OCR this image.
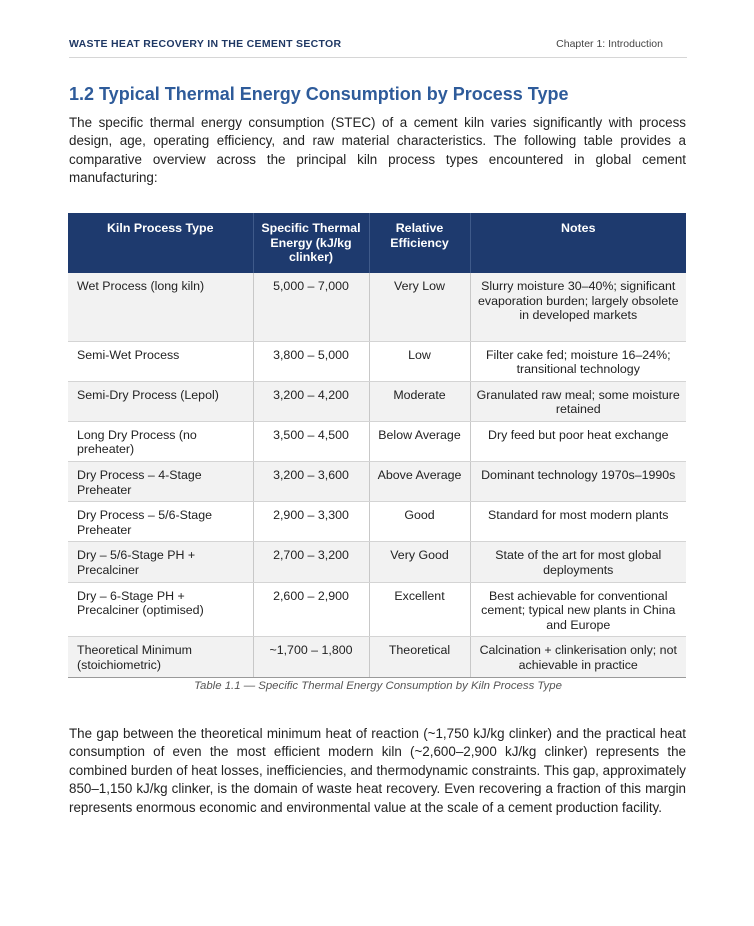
WASTE HEAT RECOVERY IN THE CEMENT SECTOR	Chapter 1: Introduction
1.2 Typical Thermal Energy Consumption by Process Type

The specific thermal energy consumption (STEC) of a cement kiln varies significantly with process design, age, operating efficiency, and raw material characteristics. The following table provides a comparative overview across the principal kiln process types encountered in global cement manufacturing:

Kiln Process Type	Specific Thermal Energy (kJ/kg clinker)	Relative Efficiency	Notes
Wet Process (long kiln)	5,000 – 7,000	Very Low	Slurry moisture 30–40%; significant evaporation burden; largely obsolete in developed markets
Semi-Wet Process	3,800 – 5,000	Low	Filter cake fed; moisture 16–24%; transitional technology
Semi-Dry Process (Lepol)	3,200 – 4,200	Moderate	Granulated raw meal; some moisture retained
Long Dry Process (no preheater)	3,500 – 4,500	Below Average	Dry feed but poor heat exchange
Dry Process – 4-Stage Preheater	3,200 – 3,600	Above Average	Dominant technology 1970s–1990s
Dry Process – 5/6-Stage Preheater	2,900 – 3,300	Good	Standard for most modern plants
Dry – 5/6-Stage PH + Precalciner	2,700 – 3,200	Very Good	State of the art for most global deployments
Dry – 6-Stage PH + Precalciner (optimised)	2,600 – 2,900	Excellent	Best achievable for conventional cement; typical new plants in China and Europe
Theoretical Minimum (stoichiometric)	~1,700 – 1,800	Theoretical	Calcination + clinkerisation only; not achievable in practice
Table 1.1 — Specific Thermal Energy Consumption by Kiln Process Type

The gap between the theoretical minimum heat of reaction (~1,750 kJ/kg clinker) and the practical heat consumption of even the most efficient modern kiln (~2,600–2,900 kJ/kg clinker) represents the combined burden of heat losses, inefficiencies, and thermodynamic constraints. This gap, approximately 850–1,150 kJ/kg clinker, is the domain of waste heat recovery. Even recovering a fraction of this margin represents enormous economic and environmental value at the scale of a cement production facility.
